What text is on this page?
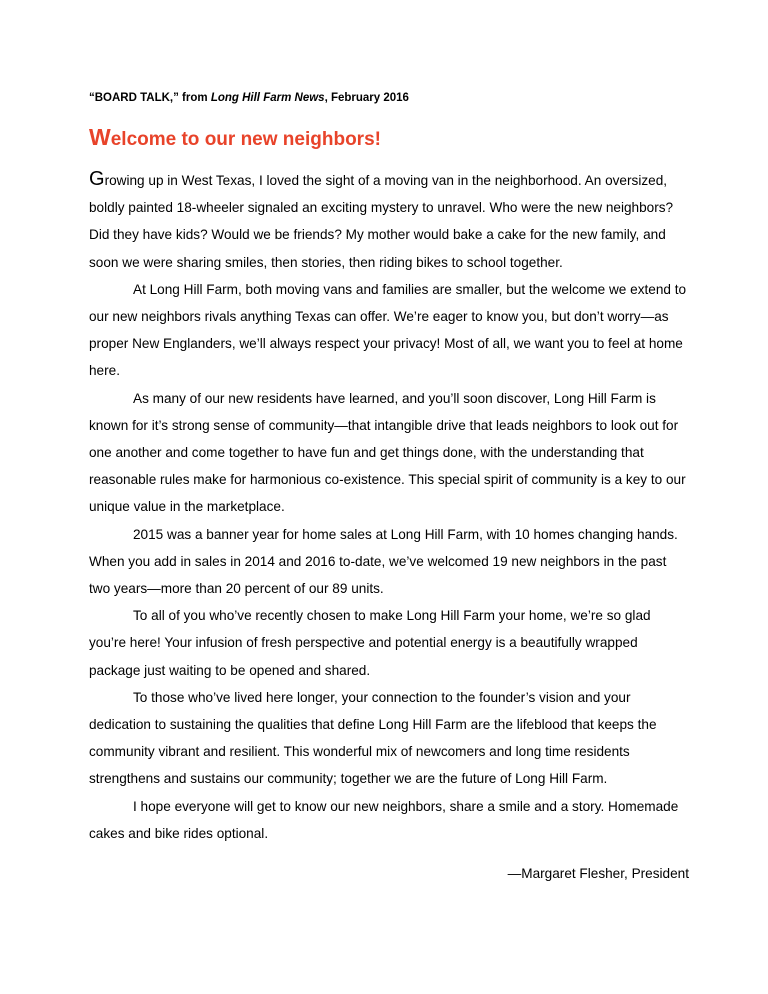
“BOARD TALK,” from Long Hill Farm News, February 2016
Welcome to our new neighbors!

Growing up in West Texas, I loved the sight of a moving van in the neighborhood. An oversized, boldly painted 18-wheeler signaled an exciting mystery to unravel. Who were the new neighbors? Did they have kids? Would we be friends? My mother would bake a cake for the new family, and soon we were sharing smiles, then stories, then riding bikes to school together.

At Long Hill Farm, both moving vans and families are smaller, but the welcome we extend to our new neighbors rivals anything Texas can offer. We’re eager to know you, but don’t worry—as proper New Englanders, we’ll always respect your privacy! Most of all, we want you to feel at home here.

As many of our new residents have learned, and you’ll soon discover, Long Hill Farm is known for it’s strong sense of community—that intangible drive that leads neighbors to look out for one another and come together to have fun and get things done, with the understanding that reasonable rules make for harmonious co-existence. This special spirit of community is a key to our unique value in the marketplace.

2015 was a banner year for home sales at Long Hill Farm, with 10 homes changing hands. When you add in sales in 2014 and 2016 to-date, we’ve welcomed 19 new neighbors in the past two years—more than 20 percent of our 89 units.

To all of you who’ve recently chosen to make Long Hill Farm your home, we’re so glad you’re here! Your infusion of fresh perspective and potential energy is a beautifully wrapped package just waiting to be opened and shared.

To those who’ve lived here longer, your connection to the founder’s vision and your dedication to sustaining the qualities that define Long Hill Farm are the lifeblood that keeps the community vibrant and resilient. This wonderful mix of newcomers and long time residents strengthens and sustains our community; together we are the future of Long Hill Farm.

I hope everyone will get to know our new neighbors, share a smile and a story. Homemade cakes and bike rides optional.

—Margaret Flesher, President
